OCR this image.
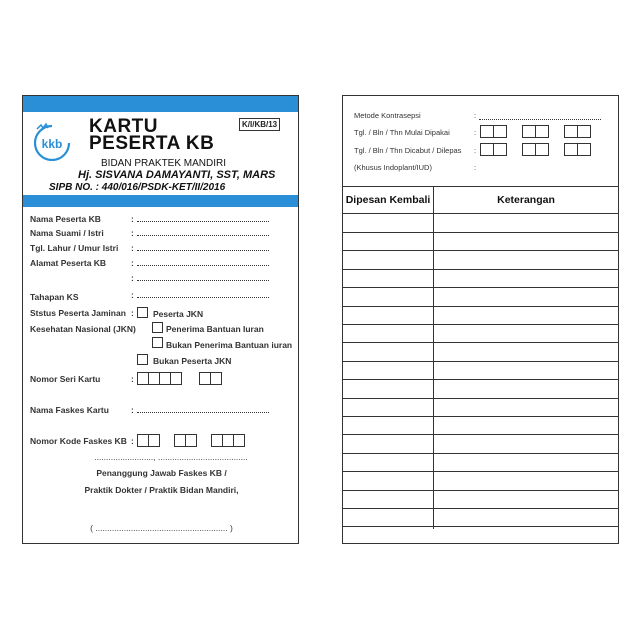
kkb
KARTU
PESERTA KB
K/I/KB/13
BIDAN PRAKTEK MANDIRI
Hj. SISVANA DAMAYANTI, SST, MARS
SIPB NO. : 440/016/PSDK-KET/II/2016
Nama Peserta KB	:
Nama Suami / Istri	:
Tgl. Lahur / Umur Istri :
Alamat Peserta KB	:
:
Tahapan KS	:
Ststus Peserta Jaminan :
Kesehatan Nasional (JKN)
Peserta JKN
Penerima Bantuan Iuran
Bukan Penerima Bantuan iuran
Bukan Peserta JKN
Nomor Seri Kartu	:
Nama Faskes Kartu	:
Nomor Kode Faskes KB :
........................., ......................................
Penanggung Jawab Faskes KB /
Praktik Dokter / Praktik Bidan Mandiri,
( ........................................................ )
Metode Kontrasepsi	:
Tgl. / Bln / Thn Mulai Dipakai	:
Tgl. / Bln / Thn Dicabut / Dilepas :
(Khusus Indoplant/IUD)	:
Dipesan Kembali	Keterangan
